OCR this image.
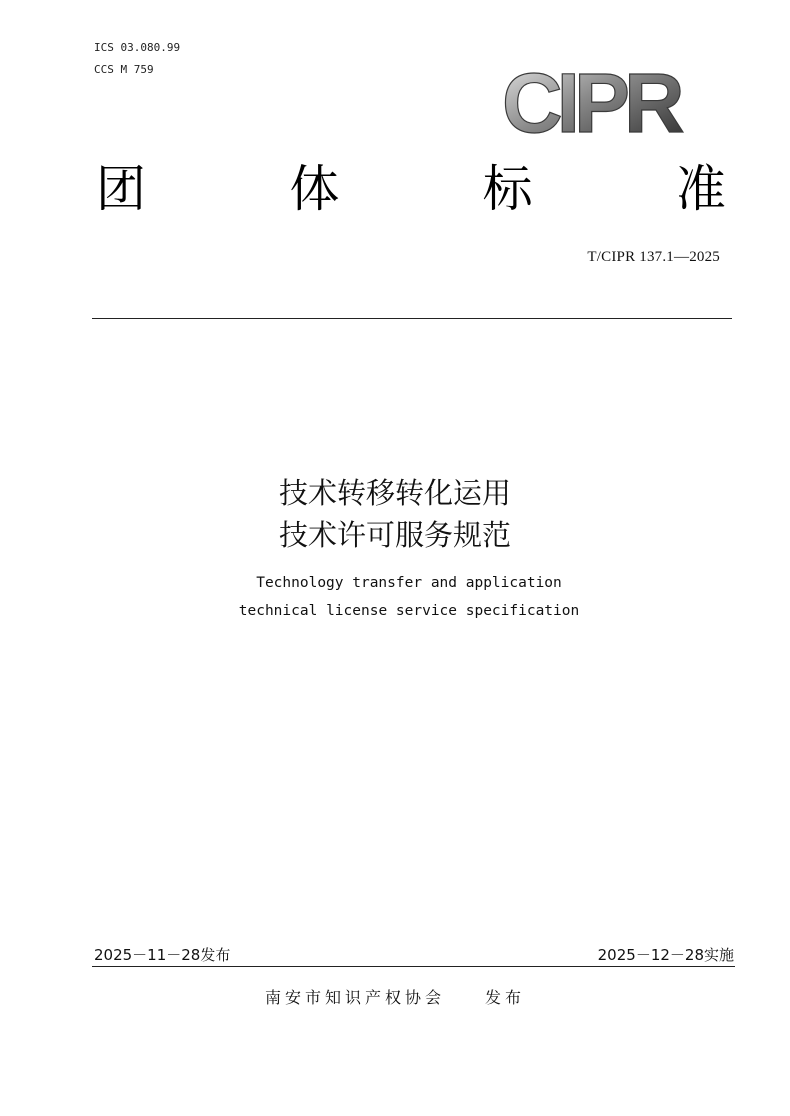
ICS 03.080.99
CCS M 759	CIPR
团	体	标	准
T/CIPR 137.1—2025
技术转移转化运用
技术许可服务规范
Technology transfer and application
technical license service specification
2025－11－28发布	2025－12－28实施
南安市知识产权协会	发布
